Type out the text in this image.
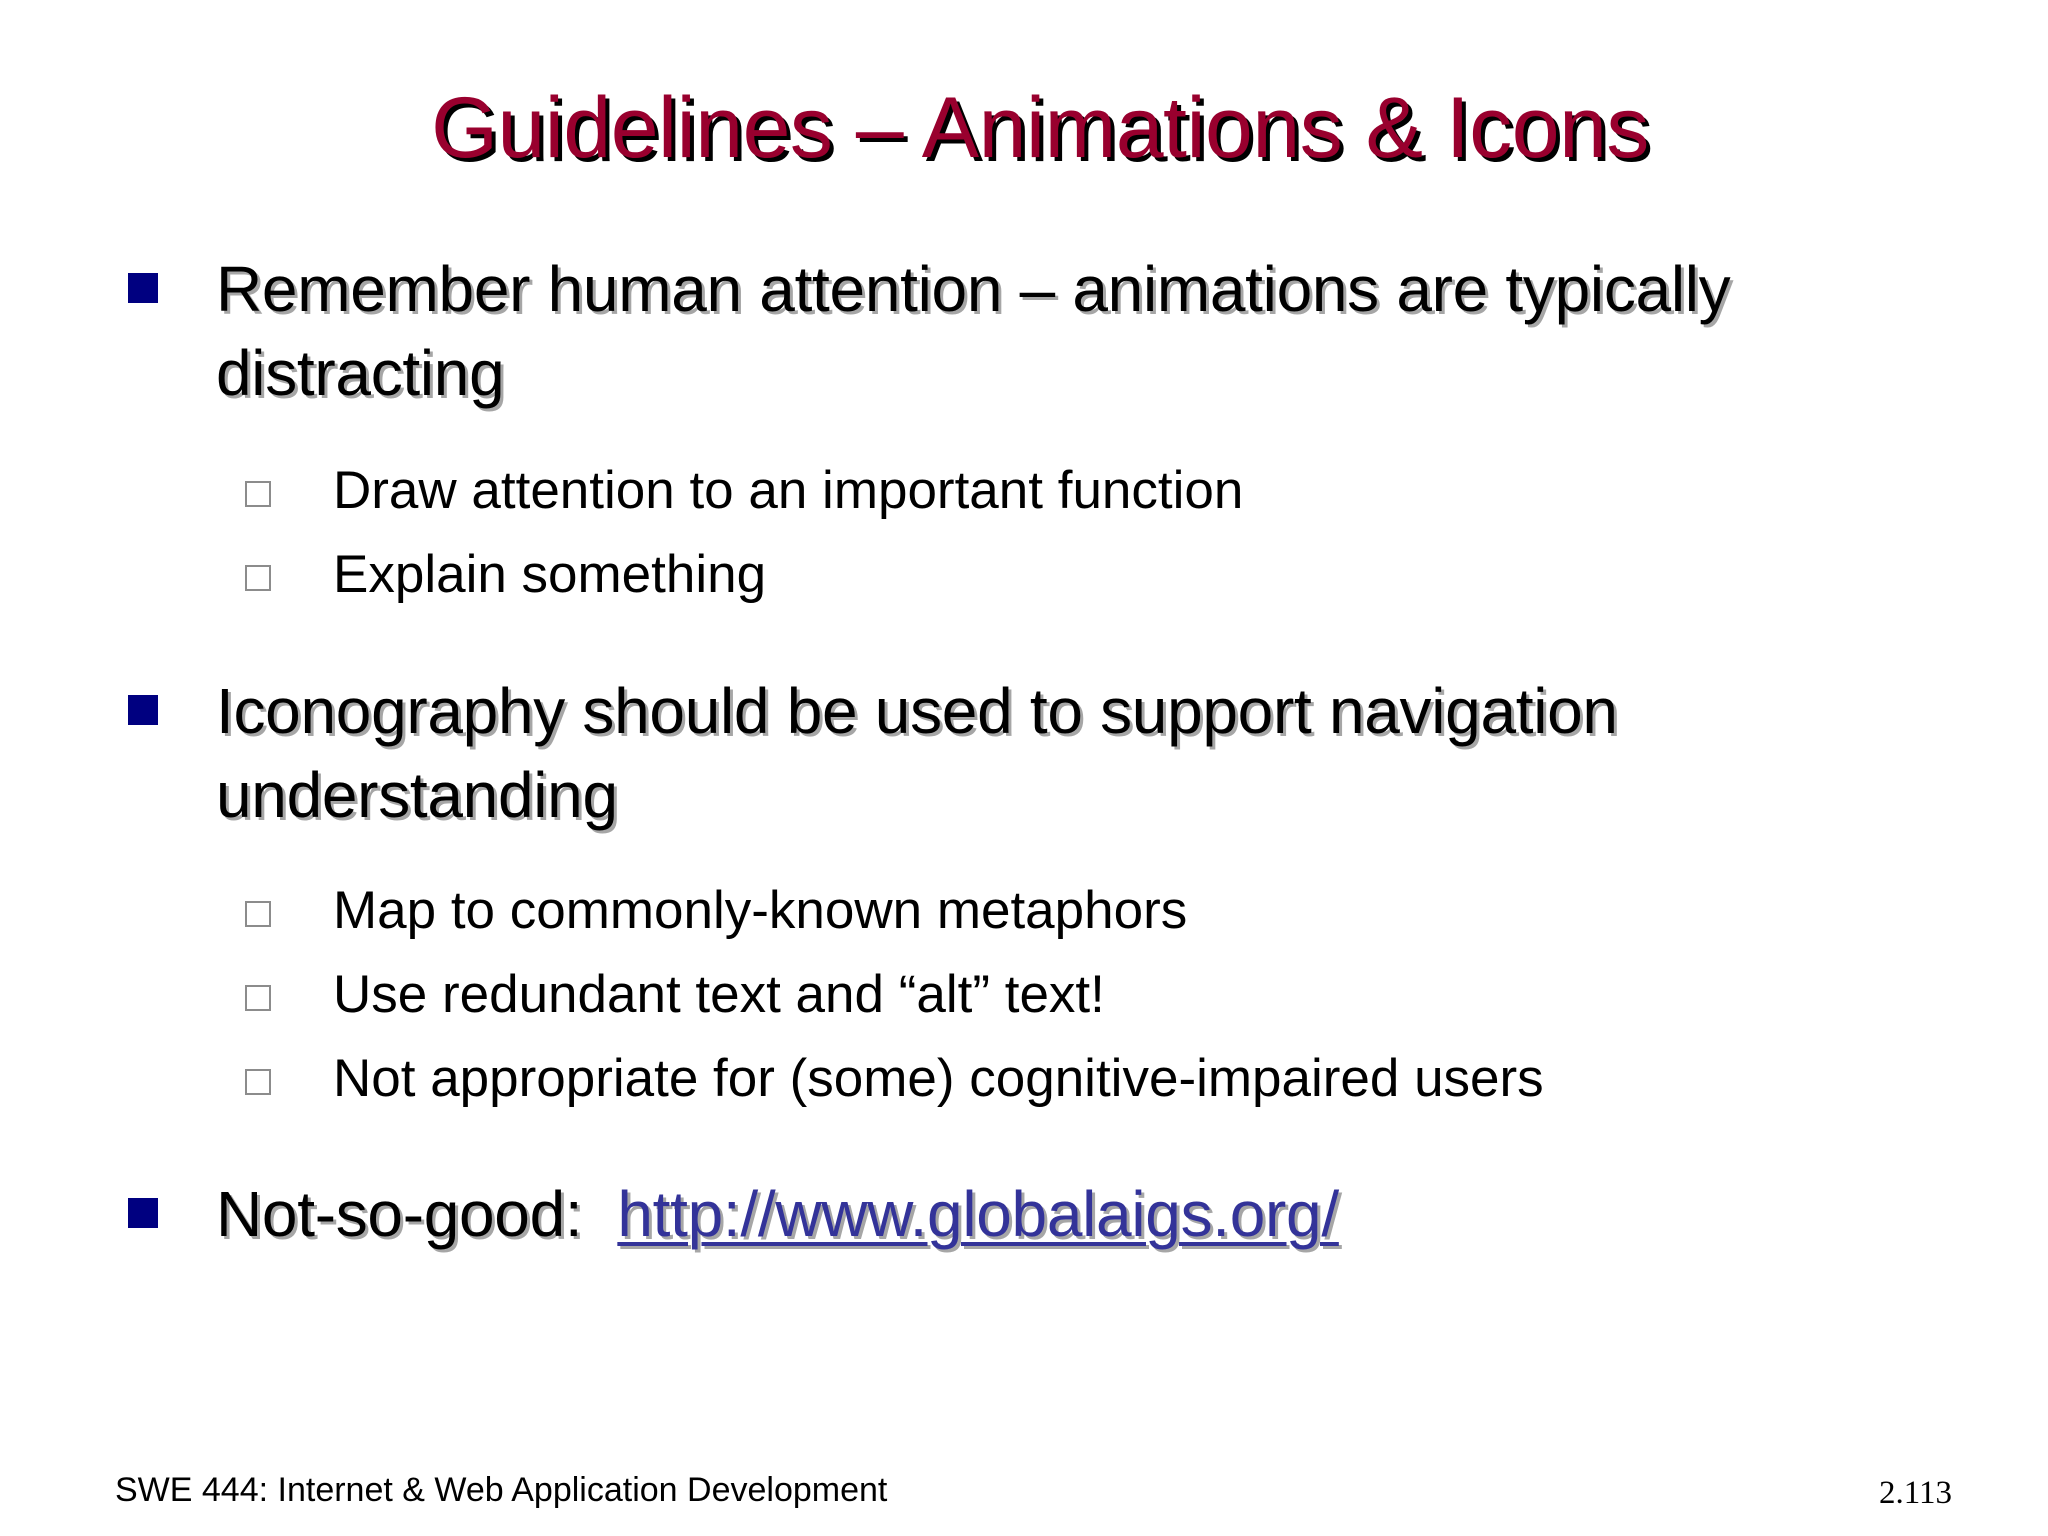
Guidelines – Animations & Icons
Remember human attention – animations are typically distracting
Draw attention to an important function
Explain something
Iconography should be used to support navigation understanding
Map to commonly-known metaphors
Use redundant text and “alt” text!
Not appropriate for (some) cognitive-impaired users
Not-so-good: http://www.globalaigs.org/
SWE 444: Internet & Web Application Development	2.113
